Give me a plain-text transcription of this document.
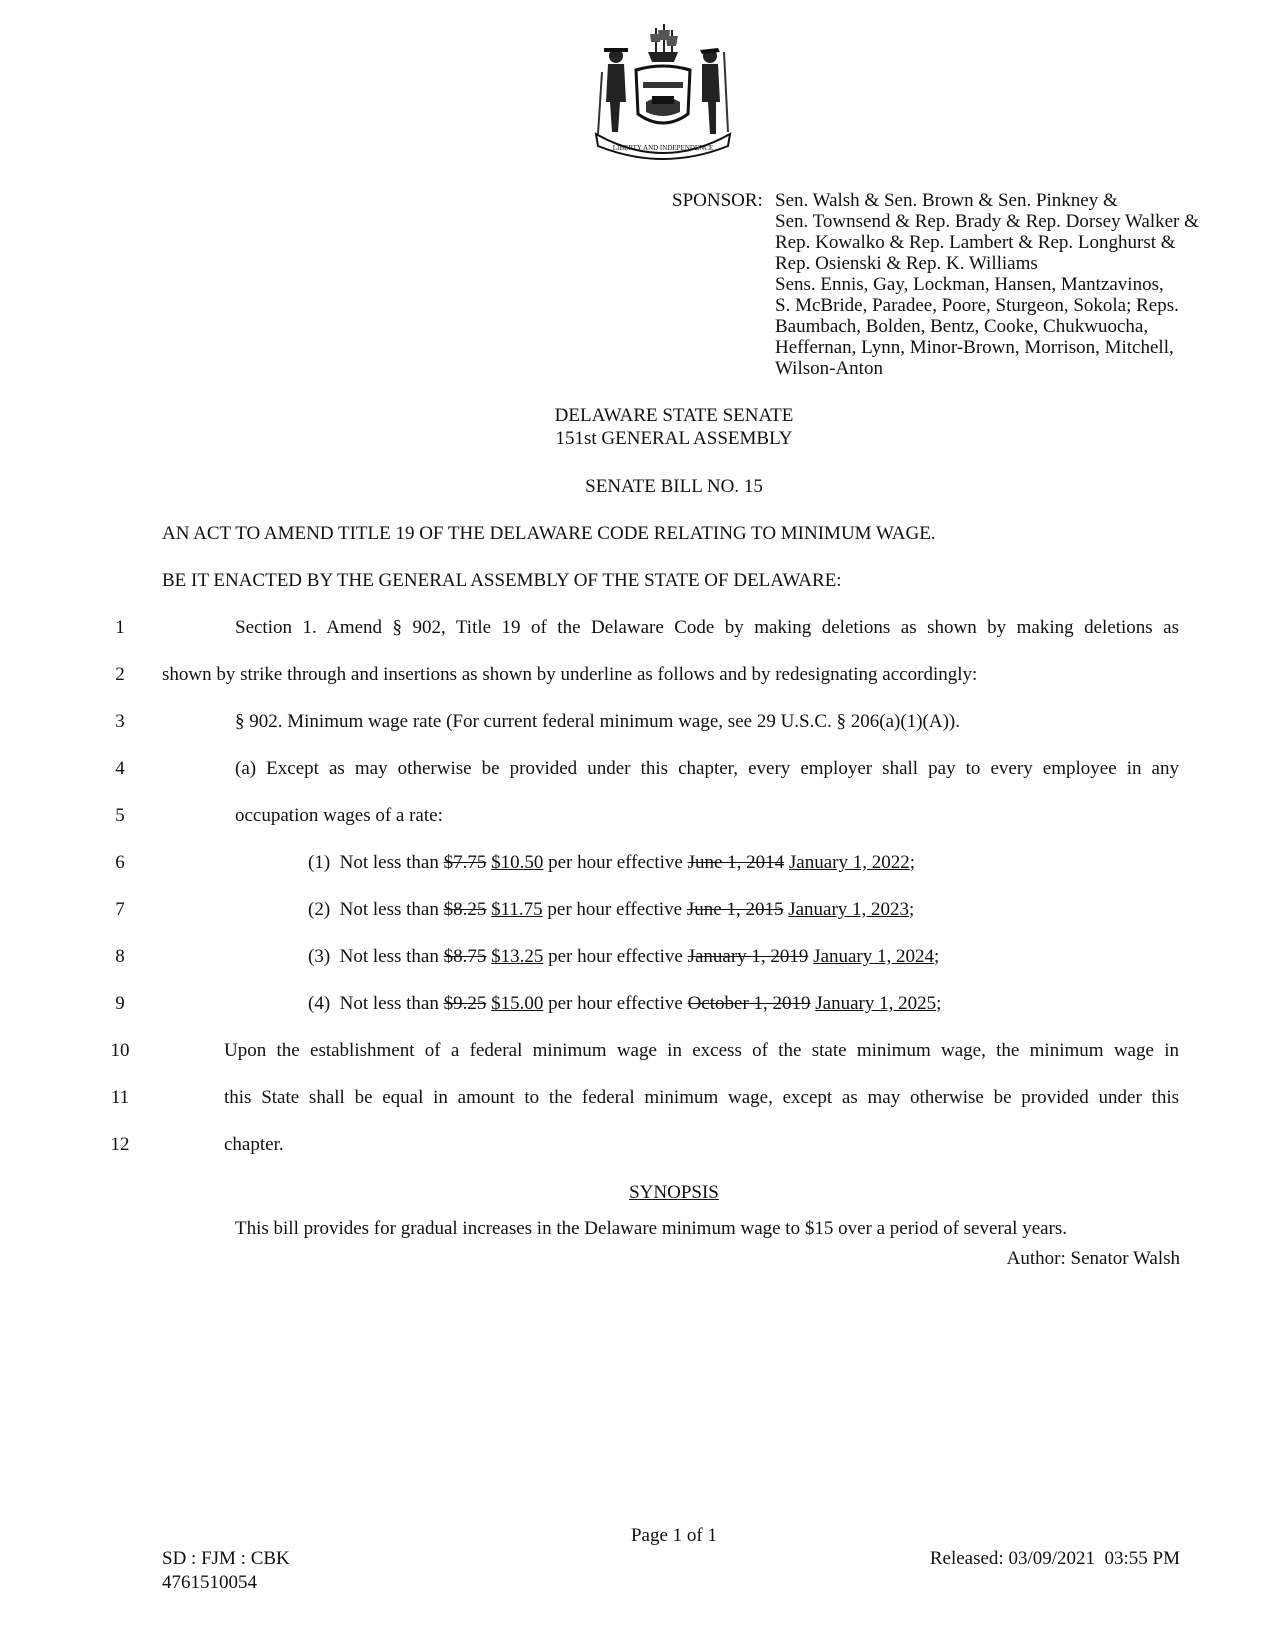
LIBERTY AND INDEPENDENCE
SPONSOR: Sen. Walsh & Sen. Brown & Sen. Pinkney &
Sen. Townsend & Rep. Brady & Rep. Dorsey Walker &
Rep. Kowalko & Rep. Lambert & Rep. Longhurst &
Rep. Osienski & Rep. K. Williams
Sens. Ennis, Gay, Lockman, Hansen, Mantzavinos,
S. McBride, Paradee, Poore, Sturgeon, Sokola; Reps.
Baumbach, Bolden, Bentz, Cooke, Chukwuocha,
Heffernan, Lynn, Minor-Brown, Morrison, Mitchell,
Wilson-Anton
DELAWARE STATE SENATE
151st GENERAL ASSEMBLY
SENATE BILL NO. 15
AN ACT TO AMEND TITLE 19 OF THE DELAWARE CODE RELATING TO MINIMUM WAGE.
BE IT ENACTED BY THE GENERAL ASSEMBLY OF THE STATE OF DELAWARE:
1
2
3
4
5
6
7
8
9
10
11
12
Section 1. Amend § 902, Title 19 of the Delaware Code by making deletions as shown by making deletions as
shown by strike through and insertions as shown by underline as follows and by redesignating accordingly:
§ 902. Minimum wage rate (For current federal minimum wage, see 29 U.S.C. § 206(a)(1)(A)).
(a) Except as may otherwise be provided under this chapter, every employer shall pay to every employee in any
occupation wages of a rate:
(1) Not less than $7.75 $10.50 per hour effective June 1, 2014 January 1, 2022;
(2) Not less than $8.25 $11.75 per hour effective June 1, 2015 January 1, 2023;
(3) Not less than $8.75 $13.25 per hour effective January 1, 2019 January 1, 2024;
(4) Not less than $9.25 $15.00 per hour effective October 1, 2019 January 1, 2025;
Upon the establishment of a federal minimum wage in excess of the state minimum wage, the minimum wage in
this State shall be equal in amount to the federal minimum wage, except as may otherwise be provided under this
chapter.
SYNOPSIS
This bill provides for gradual increases in the Delaware minimum wage to $15 over a period of several years.
Author: Senator Walsh
Page 1 of 1
SD : FJM : CBK
4761510054
Released: 03/09/2021  03:55 PM
